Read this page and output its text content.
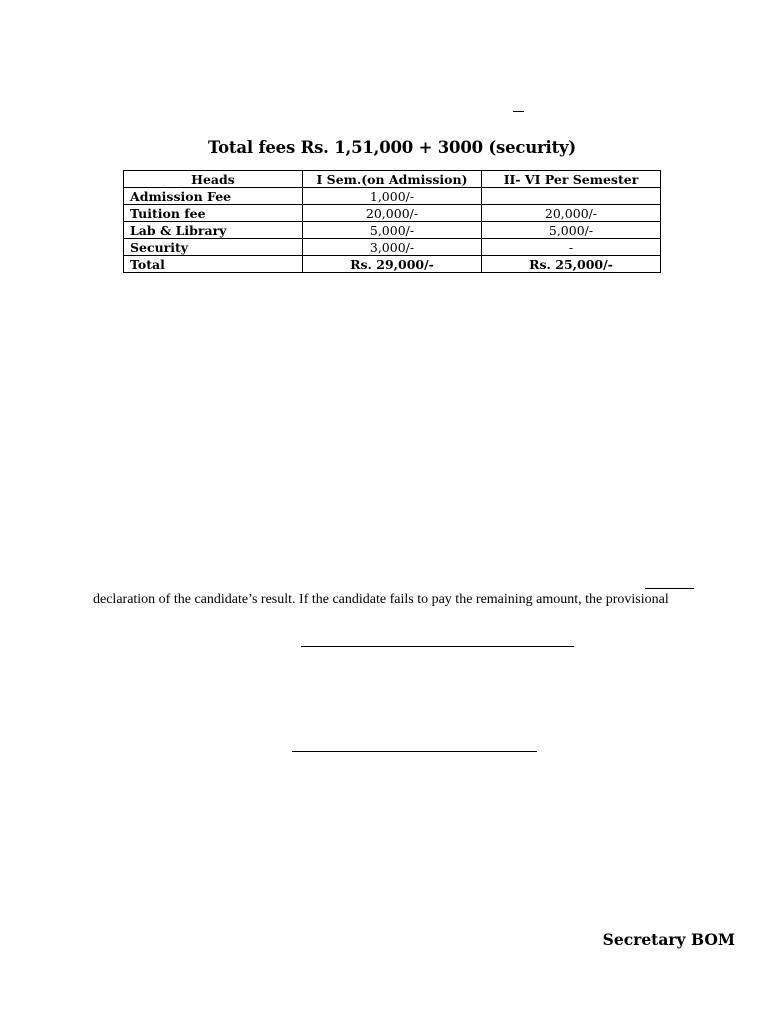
Total fees Rs. 1,51,000 + 3000 (security)
Heads	I Sem.(on Admission)	II- VI Per Semester
Admission Fee	1,000/-	
Tuition fee	20,000/-	20,000/-
Lab & Library	5,000/-	5,000/-
Security	3,000/-	-
Total	Rs. 29,000/-	Rs. 25,000/-
declaration of the candidate’s result. If the candidate fails to pay the remaining amount, the provisional
Secretary BOM
